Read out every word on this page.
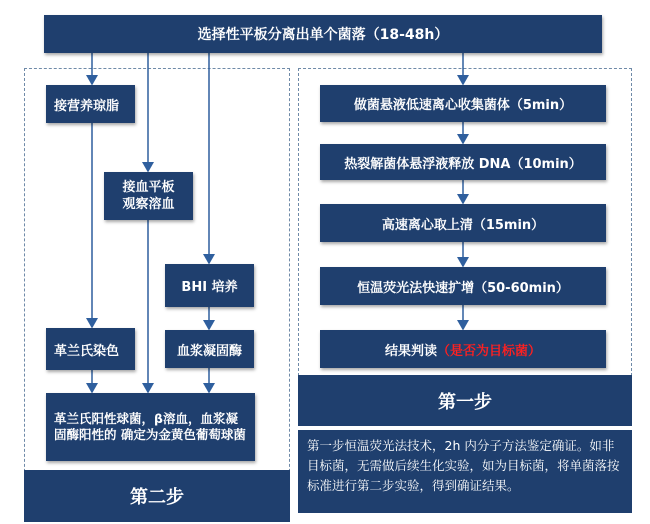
选择性平板分离出单个菌落（18-48h）
接营养琼脂
接血平板
观察溶血
BHI 培养
革兰氏染色	血浆凝固酶
革兰氏阳性球菌，β溶血，血浆凝固酶阳性的 确定为金黄色葡萄球菌
第二步
做菌悬液低速离心收集菌体（5min）
热裂解菌体悬浮液释放 DNA（10min）
高速离心取上清（15min）
恒温荧光法快速扩增（50-60min）
结果判读 （是否为目标菌）
第一步
第一步恒温荧光法技术，2h 内分子方法鉴定确证。如非目标菌，无需做后续生化实验，如为目标菌，将单菌落按标准进行第二步实验，得到确证结果。
